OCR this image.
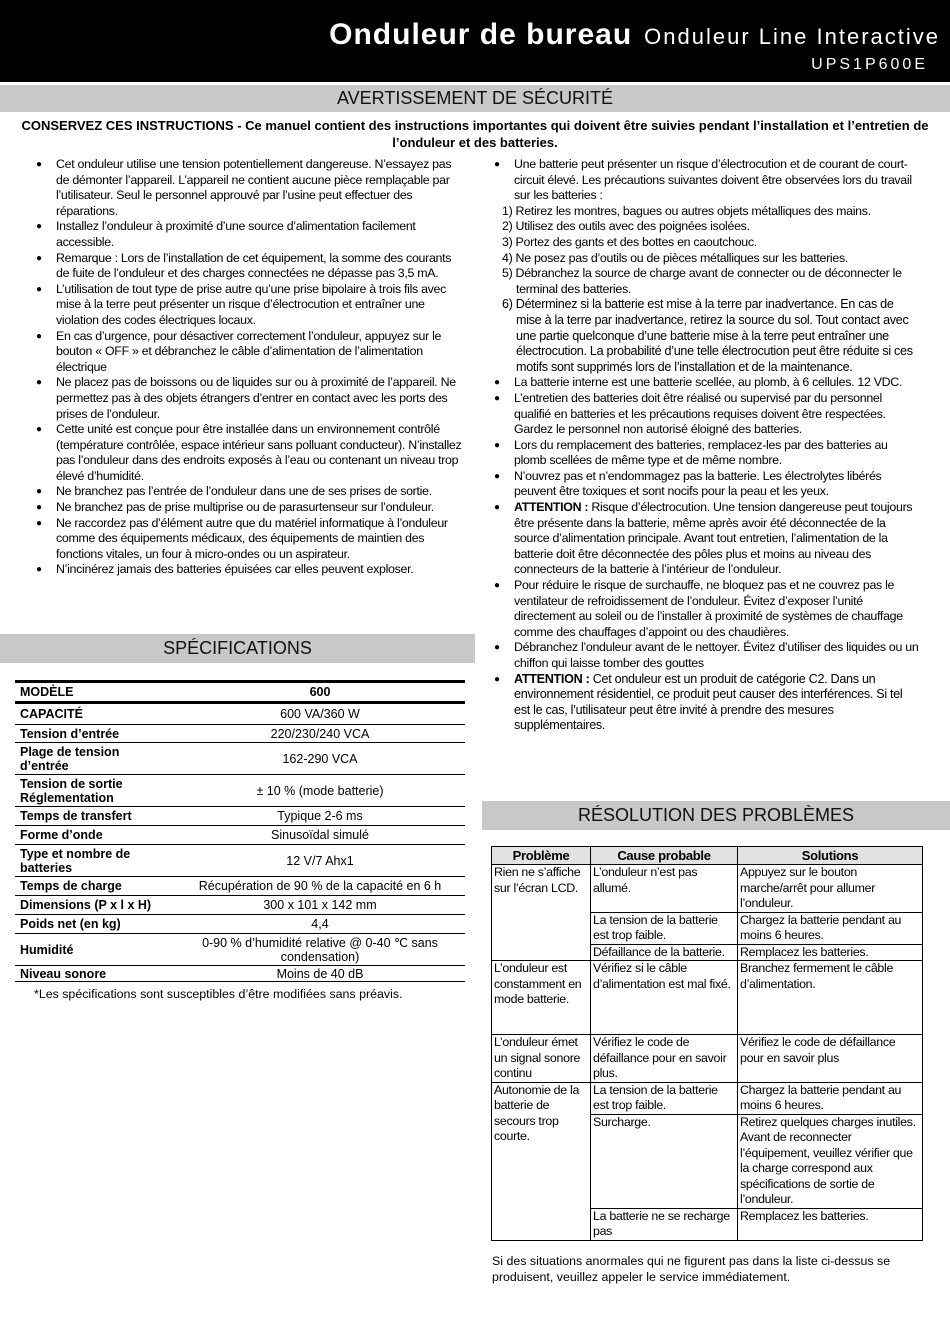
Onduleur de bureau Onduleur Line Interactive
UPS1P600E
AVERTISSEMENT DE SÉCURITÉ
CONSERVEZ CES INSTRUCTIONS - Ce manuel contient des instructions importantes qui doivent être suivies pendant l’installation et l’entretien de l’onduleur et des batteries.
● Cet onduleur utilise une tension potentiellement dangereuse. N’essayez pas de démonter l’appareil. L’appareil ne contient aucune pièce remplaçable par l’utilisateur. Seul le personnel approuvé par l’usine peut effectuer des réparations.
● Installez l’onduleur à proximité d’une source d’alimentation facilement accessible.
● Remarque : Lors de l’installation de cet équipement, la somme des courants de fuite de l’onduleur et des charges connectées ne dépasse pas 3,5 mA.
● L’utilisation de tout type de prise autre qu’une prise bipolaire à trois fils avec mise à la terre peut présenter un risque d’électrocution et entraîner une violation des codes électriques locaux.
● En cas d’urgence, pour désactiver correctement l’onduleur, appuyez sur le bouton « OFF » et débranchez le câble d’alimentation de l’alimentation électrique
● Ne placez pas de boissons ou de liquides sur ou à proximité de l’appareil. Ne permettez pas à des objets étrangers d’entrer en contact avec les ports des prises de l’onduleur.
● Cette unité est conçue pour être installée dans un environnement contrôlé (température contrôlée, espace intérieur sans polluant conducteur). N’installez pas l’onduleur dans des endroits exposés à l’eau ou contenant un niveau trop élevé d’humidité.
● Ne branchez pas l’entrée de l’onduleur dans une de ses prises de sortie.
● Ne branchez pas de prise multiprise ou de parasurtenseur sur l’onduleur.
● Ne raccordez pas d’élément autre que du matériel informatique à l’onduleur comme des équipements médicaux, des équipements de maintien des fonctions vitales, un four à micro-ondes ou un aspirateur.
● N’incinérez jamais des batteries épuisées car elles peuvent exploser.
● Une batterie peut présenter un risque d’électrocution et de courant de court-circuit élevé. Les précautions suivantes doivent être observées lors du travail sur les batteries :
1) Retirez les montres, bagues ou autres objets métalliques des mains.
2) Utilisez des outils avec des poignées isolées.
3) Portez des gants et des bottes en caoutchouc.
4) Ne posez pas d’outils ou de pièces métalliques sur les batteries.
5) Débranchez la source de charge avant de connecter ou de déconnecter le terminal des batteries.
6) Déterminez si la batterie est mise à la terre par inadvertance. En cas de mise à la terre par inadvertance, retirez la source du sol. Tout contact avec une partie quelconque d’une batterie mise à la terre peut entraîner une électrocution. La probabilité d’une telle électrocution peut être réduite si ces motifs sont supprimés lors de l’installation et de la maintenance.
● La batterie interne est une batterie scellée, au plomb, à 6 cellules. 12 VDC.
● L’entretien des batteries doit être réalisé ou supervisé par du personnel qualifié en batteries et les précautions requises doivent être respectées. Gardez le personnel non autorisé éloigné des batteries.
● Lors du remplacement des batteries, remplacez-les par des batteries au plomb scellées de même type et de même nombre.
● N’ouvrez pas et n’endommagez pas la batterie. Les électrolytes libérés peuvent être toxiques et sont nocifs pour la peau et les yeux.
● ATTENTION : Risque d’électrocution. Une tension dangereuse peut toujours être présente dans la batterie, même après avoir été déconnectée de la source d’alimentation principale. Avant tout entretien, l’alimentation de la batterie doit être déconnectée des pôles plus et moins au niveau des connecteurs de la batterie à l’intérieur de l’onduleur.
● Pour réduire le risque de surchauffe, ne bloquez pas et ne couvrez pas le ventilateur de refroidissement de l’onduleur. Évitez d’exposer l’unité directement au soleil ou de l’installer à proximité de systèmes de chauffage comme des chauffages d’appoint ou des chaudières.
● Débranchez l’onduleur avant de le nettoyer. Évitez d’utiliser des liquides ou un chiffon qui laisse tomber des gouttes
● ATTENTION : Cet onduleur est un produit de catégorie C2. Dans un environnement résidentiel, ce produit peut causer des interférences. Si tel est le cas, l’utilisateur peut être invité à prendre des mesures supplémentaires.
SPÉCIFICATIONS
MODÈLE	600
CAPACITÉ	600 VA/360 W
Tension d’entrée	220/230/240 VCA
Plage de tension d’entrée	162-290 VCA
Tension de sortie Réglementation	± 10 % (mode batterie)
Temps de transfert	Typique 2-6 ms
Forme d’onde	Sinusoïdal simulé
Type et nombre de batteries	12 V/7 Ahx1
Temps de charge	Récupération de 90 % de la capacité en 6 h
Dimensions (P x l x H)	300 x 101 x 142 mm
Poids net (en kg)	4,4
Humidité	0-90 % d’humidité relative @ 0-40 ℃ sans condensation)
Niveau sonore	Moins de 40 dB
*Les spécifications sont susceptibles d’être modifiées sans préavis.
RÉSOLUTION DES PROBLÈMES
Problème	Cause probable	Solutions
Rien ne s’affiche sur l’écran LCD.	L’onduleur n’est pas allumé.	Appuyez sur le bouton marche/arrêt pour allumer l’onduleur.
	La tension de la batterie est trop faible.	Chargez la batterie pendant au moins 6 heures.
	Défaillance de la batterie.	Remplacez les batteries.
L’onduleur est constamment en mode batterie.	Vérifiez si le câble d’alimentation est mal fixé.	Branchez fermement le câble d’alimentation.
L’onduleur émet un signal sonore continu	Vérifiez le code de défaillance pour en savoir plus.	Vérifiez le code de défaillance pour en savoir plus
Autonomie de la batterie de secours trop courte.	La tension de la batterie est trop faible.	Chargez la batterie pendant au moins 6 heures.
	Surcharge.	Retirez quelques charges inutiles. Avant de reconnecter l’équipement, veuillez vérifier que la charge correspond aux spécifications de sortie de l’onduleur.
	La batterie ne se recharge pas	Remplacez les batteries.
Si des situations anormales qui ne figurent pas dans la liste ci-dessus se produisent, veuillez appeler le service immédiatement.
